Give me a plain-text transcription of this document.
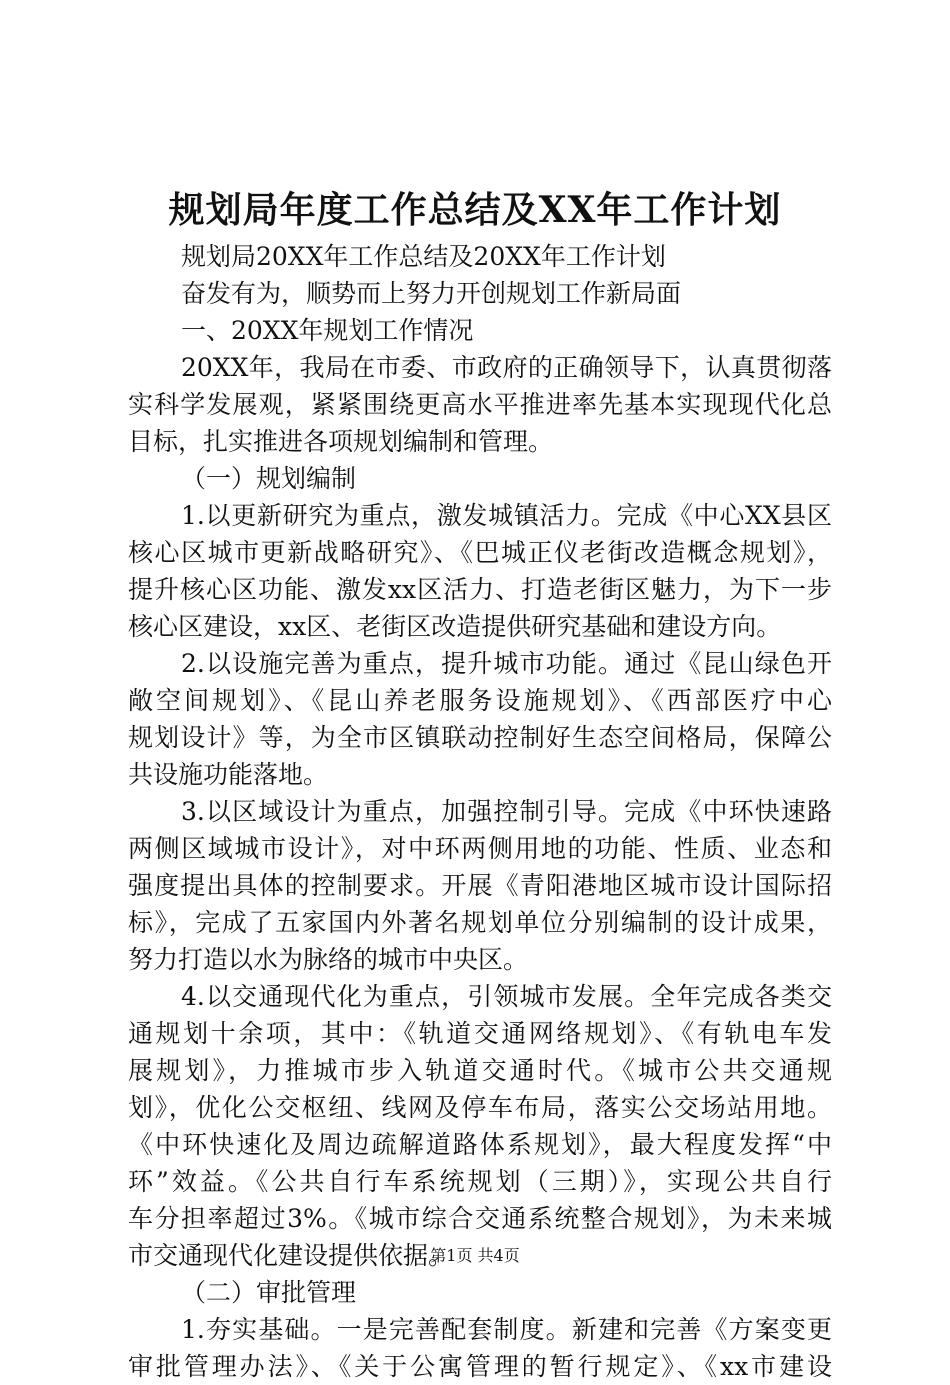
规划局年度工作总结及XX年工作计划
规划局20XX年工作总结及20XX年工作计划
奋发有为，顺势而上努力开创规划工作新局面
一、20XX年规划工作情况
20XX年，我局在市委、市政府的正确领导下，认真贯彻落
实科学发展观，紧紧围绕更高水平推进率先基本实现现代化总
目标，扎实推进各项规划编制和管理。
（一）规划编制
1.以更新研究为重点，激发城镇活力。完成《中心XX县区
核心区城市更新战略研究》、《巴城正仪老街改造概念规划》，
提升核心区功能、激发xx区活力、打造老街区魅力，为下一步
核心区建设，xx区、老街区改造提供研究基础和建设方向。
2.以设施完善为重点，提升城市功能。通过《昆山绿色开
敞空间规划》、《昆山养老服务设施规划》、《西部医疗中心
规划设计》等，为全市区镇联动控制好生态空间格局，保障公
共设施功能落地。
3.以区域设计为重点，加强控制引导。完成《中环快速路
两侧区域城市设计》，对中环两侧用地的功能、性质、业态和
强度提出具体的控制要求。开展《青阳港地区城市设计国际招
标》，完成了五家国内外著名规划单位分别编制的设计成果，
努力打造以水为脉络的城市中央区。
4.以交通现代化为重点，引领城市发展。全年完成各类交
通规划十余项，其中：《轨道交通网络规划》、《有轨电车发
展规划》，力推城市步入轨道交通时代。《城市公共交通规
划》，优化公交枢纽、线网及停车布局，落实公交场站用地。
《中环快速化及周边疏解道路体系规划》，最大程度发挥“中
环”效益。《公共自行车系统规划（三期）》，实现公共自行
车分担率超过3%。《城市综合交通系统整合规划》，为未来城
市交通现代化建设提供依据。
（二）审批管理
1.夯实基础。一是完善配套制度。新建和完善《方案变更
审批管理办法》、《关于公寓管理的暂行规定》、《xx市建设
第1页 共4页
